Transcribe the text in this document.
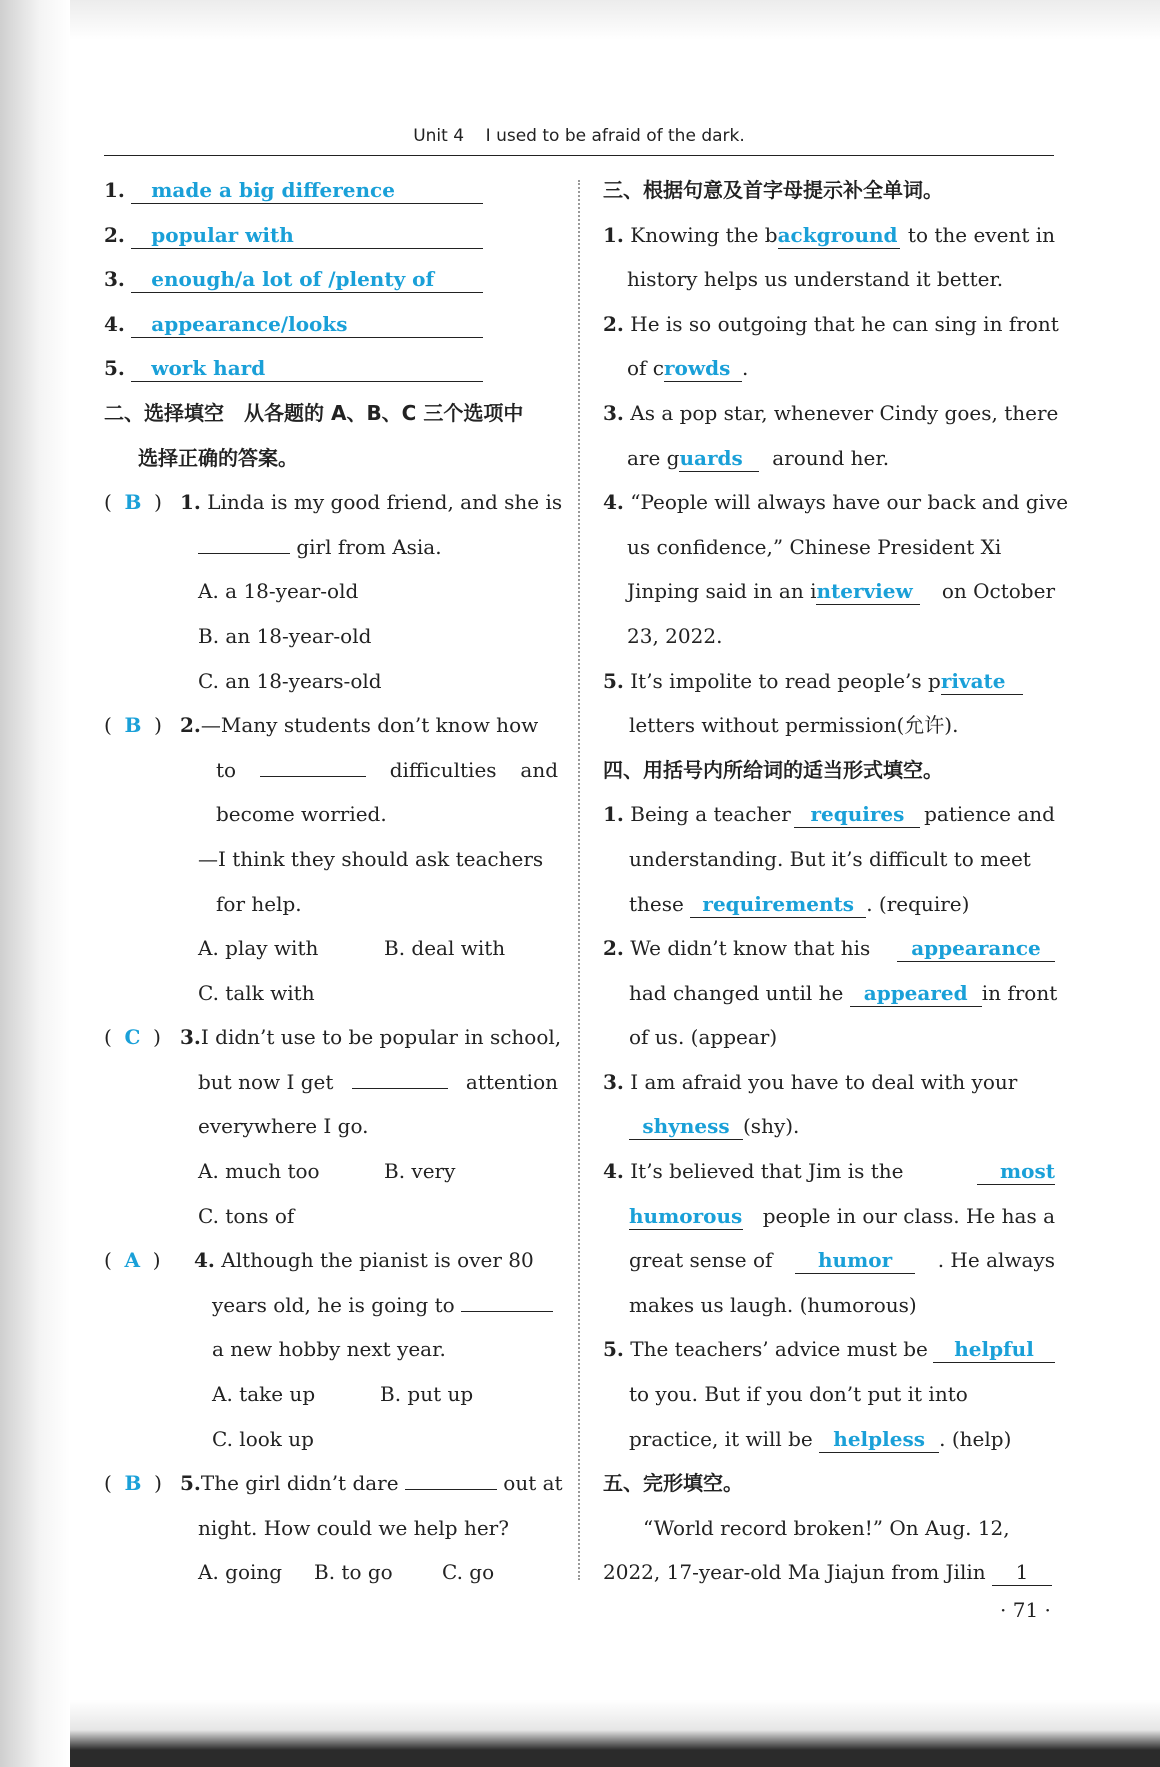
Unit 4 I used to be afraid of the dark.
1. made a big difference
2. popular with
3. enough/a lot of /plenty of
4. appearance/looks
5. work hard
二、选择填空　从各题的 A、B、C 三个选项中
选择正确的答案。
(  B  ) 1. Linda is my good friend, and she is
girl from Asia.
A. a 18-year-old
B. an 18-year-old
C. an 18-years-old
(  B  ) 2.—Many students don’t know how
to	difficulties and
become worried.
—I think they should ask teachers
for help.
A. play with	B. deal with
C. talk with
(  C  ) 3.I didn’t use to be popular in school,
but now I get	attention
everywhere I go.
A. much too	B. very
C. tons of
(  A  ) 4. Although the pianist is over 80
years old, he is going to
a new hobby next year.
A. take up	B. put up
C. look up
(  B  ) 5.The girl didn’t dare	out at
night. How could we help her?
A. going B. to go C. go
三、根据句意及首字母提示补全单词。
1. Knowing the background to the event in
history helps us understand it better.
2. He is so outgoing that he can sing in front
of crowds .
3. As a pop star, whenever Cindy goes, there
are guards around her.
4. “People will always have our back and give
us confidence,” Chinese President Xi
Jinping said in an interview	on October
23, 2022.
5. It’s impolite to read people’s private
letters without permission(允许).
四、用括号内所给词的适当形式填空。
1. Being a teacher requires patience and
understanding. But it’s difficult to meet
these requirements . (require)
2. We didn’t know that his	appearance
had changed until he appeared in front
of us. (appear)
3. I am afraid you have to deal with your
shyness (shy).
4. It’s believed that Jim is the	most
humorous people in our class. He has a
great sense of	humor	. He always
makes us laugh. (humorous)
5. The teachers’ advice must be	helpful
to you. But if you don’t put it into
practice, it will be helpless . (help)
五、完形填空。
“World record broken!” On Aug. 12,
2022, 17-year-old Ma Jiajun from Jilin 1
· 71 ·
